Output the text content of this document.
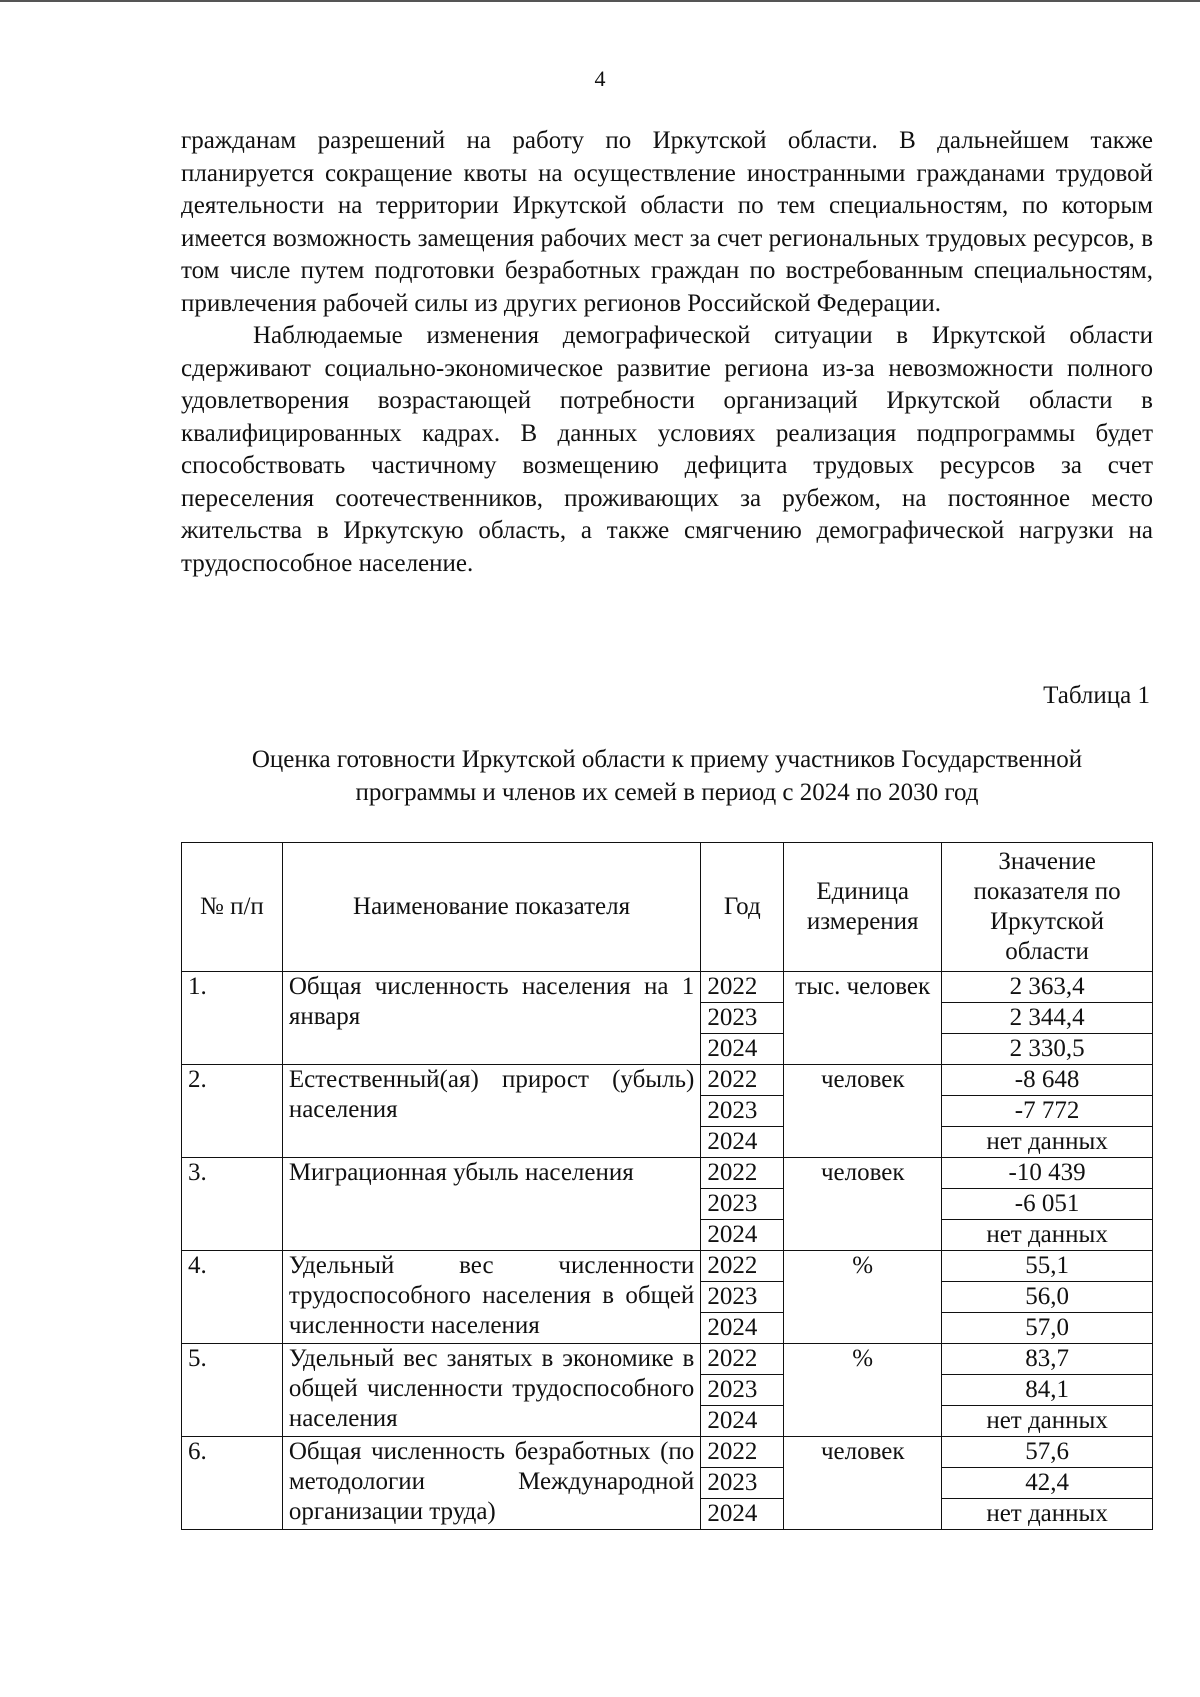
4

гражданам разрешений на работу по Иркутской области. В дальнейшем также планируется сокращение квоты на осуществление иностранными гражданами трудовой деятельности на территории Иркутской области по тем специальностям, по которым имеется возможность замещения рабочих мест за счет региональных трудовых ресурсов, в том числе путем подготовки безработных граждан по востребованным специальностям, привлечения рабочей силы из других регионов Российской Федерации.

Наблюдаемые изменения демографической ситуации в Иркутской области сдерживают социально-экономическое развитие региона из-за невозможности полного удовлетворения возрастающей потребности организаций Иркутской области в квалифицированных кадрах. В данных условиях реализация подпрограммы будет способствовать частичному возмещению дефицита трудовых ресурсов за счет переселения соотечественников, проживающих за рубежом, на постоянное место жительства в Иркутскую область, а также смягчению демографической нагрузки на трудоспособное население.

Таблица 1
Оценка готовности Иркутской области к приему участников Государственной
программы и членов их семей в период с 2024 по 2030 год
№ п/п	Наименование показателя	Год	Единица измерения	Значение показателя по Иркутской области
1.	Общая численность населения на 1 января	2022	тыс. человек	2 363,4
		2023		2 344,4
		2024		2 330,5
2.	Естественный(ая) прирост (убыль) населения	2022	человек	-8 648
		2023		-7 772
		2024		нет данных
3.	Миграционная убыль населения	2022	человек	-10 439
		2023		-6 051
		2024		нет данных
4.	Удельный вес численности трудоспособного населения в общей численности населения	2022	%	55,1
		2023		56,0
		2024		57,0
5.	Удельный вес занятых в экономике в общей численности трудоспособного населения	2022	%	83,7
		2023		84,1
		2024		нет данных
6.	Общая численность безработных (по методологии Международной организации труда)	2022	человек	57,6
		2023		42,4
		2024		нет данных
